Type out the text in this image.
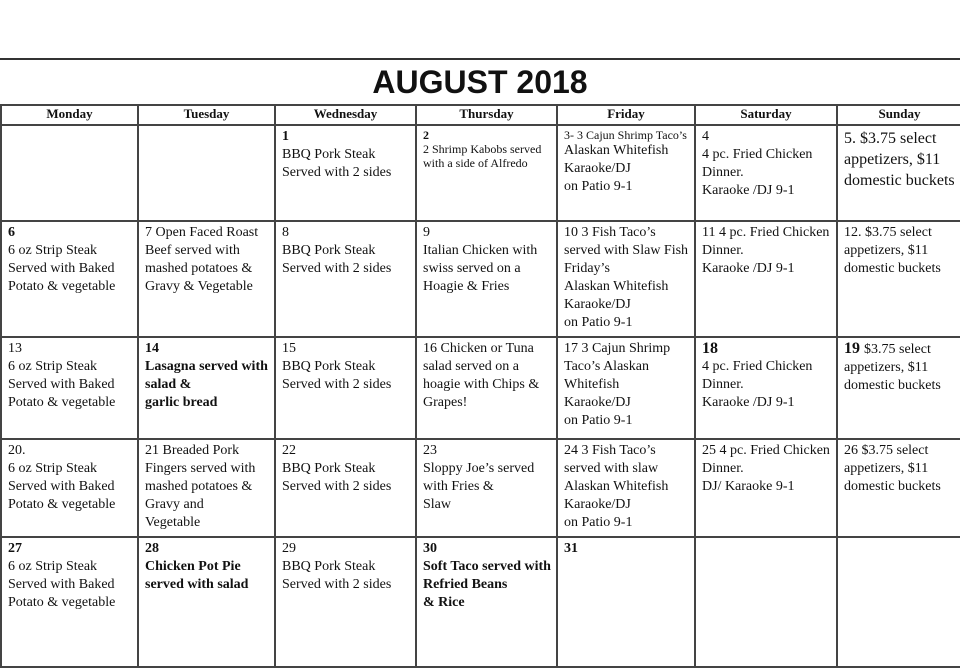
AUGUST 2018
Monday	Tuesday	Wednesday	Thursday	Friday	Saturday	Sunday

		1
BBQ Pork Steak
Served with 2 sides	2
2 Shrimp Kabobs served with a side of Alfredo	3- 3 Cajun Shrimp Taco’s
Alaskan Whitefish
Karaoke/DJ
on Patio 9-1	4
4 pc. Fried Chicken Dinner.
Karaoke /DJ 9-1	5. $3.75 select appetizers, $11 domestic buckets

6
6 oz Strip Steak
Served with Baked
Potato & vegetable	7 Open Faced Roast Beef served with mashed potatoes &
Gravy & Vegetable	8
BBQ Pork Steak
Served with 2 sides	9
Italian Chicken with swiss served on a Hoagie & Fries	10 3 Fish Taco’s served with Slaw Fish Friday’s
Alaskan Whitefish
Karaoke/DJ
on Patio 9-1	11 4 pc. Fried Chicken Dinner.
Karaoke /DJ 9-1	12. $3.75 select appetizers, $11 domestic buckets

13
6 oz Strip Steak
Served with Baked
Potato & vegetable	14
Lasagna served with salad &
garlic bread	15
BBQ Pork Steak
Served with 2 sides	16 Chicken or Tuna salad served on a hoagie with Chips & Grapes!	17 3 Cajun Shrimp Taco’s Alaskan Whitefish
Karaoke/DJ
on Patio 9-1	18
4 pc. Fried Chicken Dinner.
Karaoke /DJ 9-1	19 $3.75 select appetizers, $11 domestic buckets

20.
6 oz Strip Steak
Served with Baked
Potato & vegetable	21 Breaded Pork Fingers served with mashed potatoes & Gravy and
Vegetable	22
BBQ Pork Steak
Served with 2 sides	23
Sloppy Joe’s served with Fries &
Slaw	24 3 Fish Taco’s served with slaw
Alaskan Whitefish
Karaoke/DJ
on Patio 9-1	25 4 pc. Fried Chicken Dinner.
DJ/ Karaoke 9-1	26 $3.75 select appetizers, $11 domestic buckets

27
6 oz Strip Steak
Served with Baked
Potato & vegetable	28
Chicken Pot Pie served with salad	29
BBQ Pork Steak
Served with 2 sides	30
Soft Taco served with Refried Beans
& Rice	31		
